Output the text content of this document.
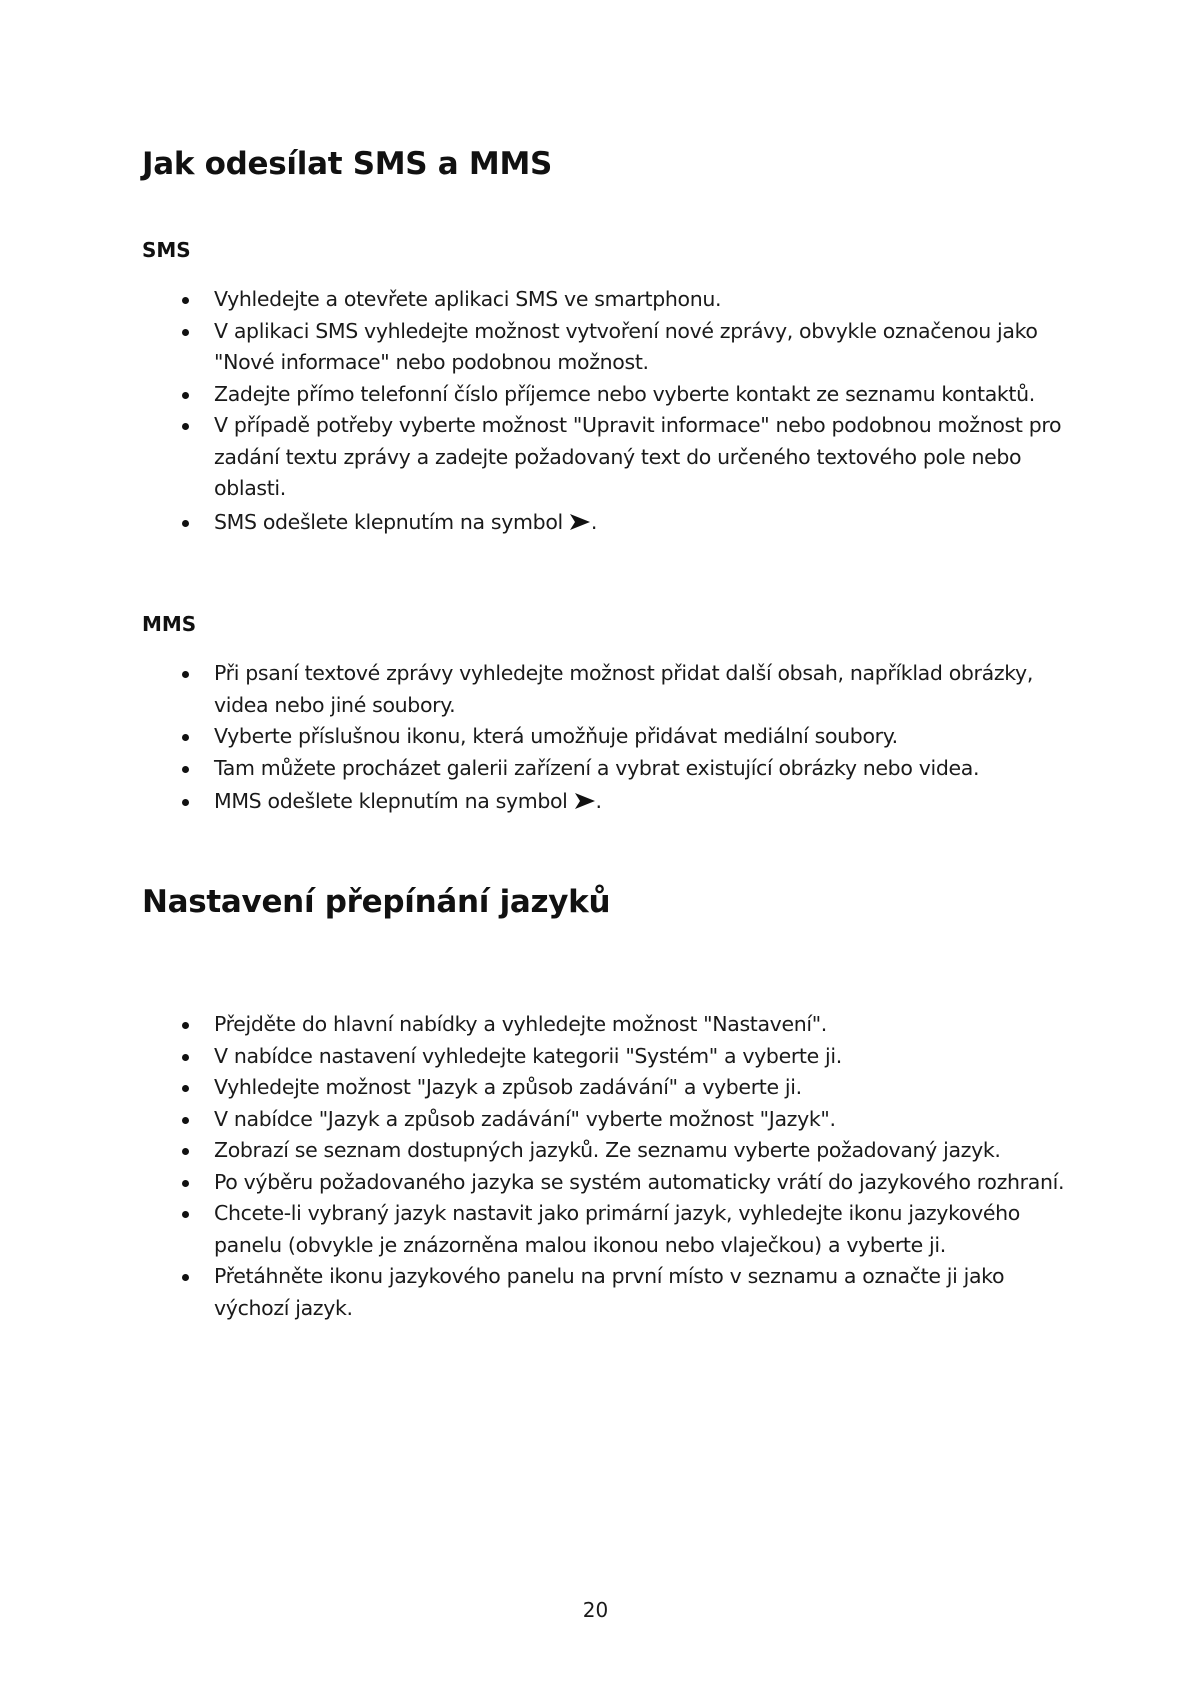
Jak odesílat SMS a MMS
SMS
Vyhledejte a otevřete aplikaci SMS ve smartphonu.
V aplikaci SMS vyhledejte možnost vytvoření nové zprávy, obvykle označenou jako "Nové informace" nebo podobnou možnost.
Zadejte přímo telefonní číslo příjemce nebo vyberte kontakt ze seznamu kontaktů.
V případě potřeby vyberte možnost "Upravit informace" nebo podobnou možnost pro zadání textu zprávy a zadejte požadovaný text do určeného textového pole nebo oblasti.
SMS odešlete klepnutím na symbol .
MMS
Při psaní textové zprávy vyhledejte možnost přidat další obsah, například obrázky, videa nebo jiné soubory.
Vyberte příslušnou ikonu, která umožňuje přidávat mediální soubory.
Tam můžete procházet galerii zařízení a vybrat existující obrázky nebo videa.
MMS odešlete klepnutím na symbol .
Nastavení přepínání jazyků
Přejděte do hlavní nabídky a vyhledejte možnost "Nastavení".
V nabídce nastavení vyhledejte kategorii "Systém" a vyberte ji.
Vyhledejte možnost "Jazyk a způsob zadávání" a vyberte ji.
V nabídce "Jazyk a způsob zadávání" vyberte možnost "Jazyk".
Zobrazí se seznam dostupných jazyků. Ze seznamu vyberte požadovaný jazyk.
Po výběru požadovaného jazyka se systém automaticky vrátí do jazykového rozhraní.
Chcete-li vybraný jazyk nastavit jako primární jazyk, vyhledejte ikonu jazykového panelu (obvykle je znázorněna malou ikonou nebo vlaječkou) a vyberte ji.
Přetáhněte ikonu jazykového panelu na první místo v seznamu a označte ji jako výchozí jazyk.
20
